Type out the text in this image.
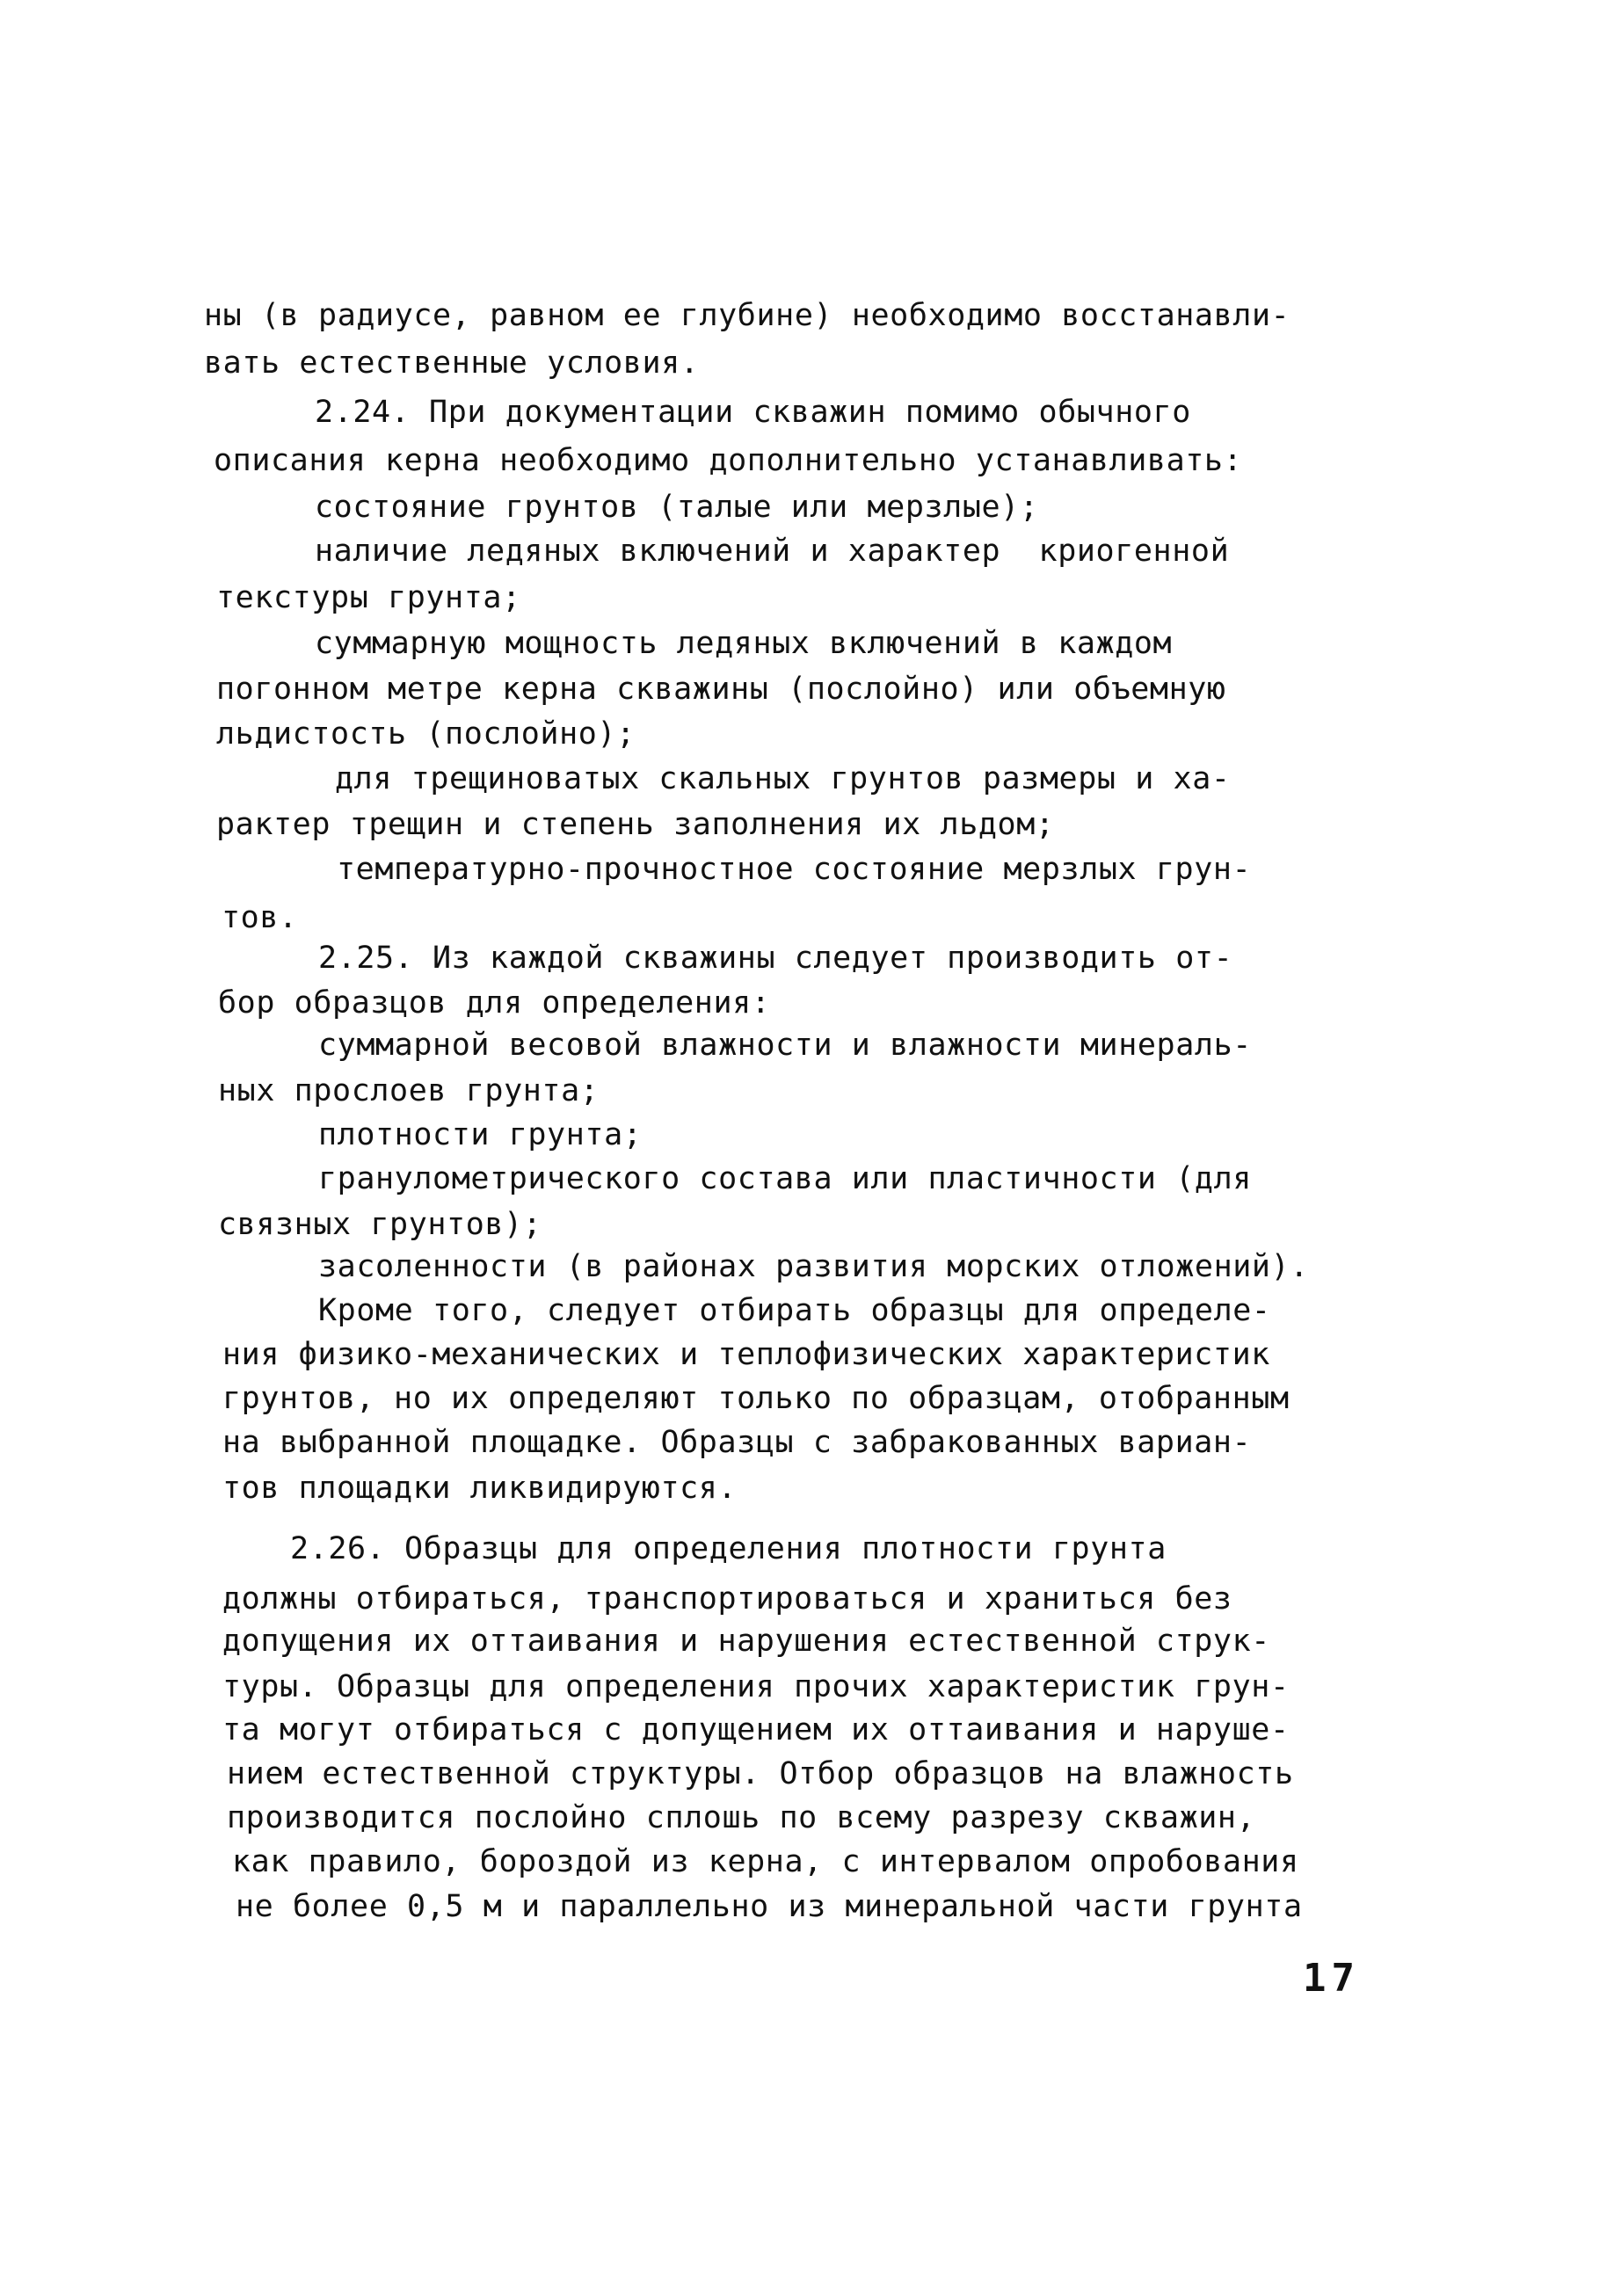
ны (в радиусе, равном ее глубине) необходимо восстанавли-
вать естественные условия.
2.24. При документации скважин помимо обычного
описания керна необходимо дополнительно устанавливать:
состояние грунтов (талые или мерзлые);
наличие ледяных включений и характер  криогенной
текстуры грунта;
суммарную мощность ледяных включений в каждом
погонном метре керна скважины (послойно) или объемную
льдистость (послойно);
для трещиноватых скальных грунтов размеры и ха-
рактер трещин и степень заполнения их льдом;
температурно-прочностное состояние мерзлых грун-
тов.
2.25. Из каждой скважины следует производить от-
бор образцов для определения:
суммарной весовой влажности и влажности минераль-
ных прослоев грунта;
плотности грунта;
гранулометрического состава или пластичности (для
связных грунтов);
засоленности (в районах развития морских отложений).
Кроме того, следует отбирать образцы для определе-
ния физико-механических и теплофизических характеристик
грунтов, но их определяют только по образцам, отобранным
на выбранной площадке. Образцы с забракованных вариан-
тов площадки ликвидируются.
2.26. Образцы для определения плотности грунта
должны отбираться, транспортироваться и храниться без
допущения их оттаивания и нарушения естественной струк-
туры. Образцы для определения прочих характеристик грун-
та могут отбираться с допущением их оттаивания и наруше-
нием естественной структуры. Отбор образцов на влажность
производится послойно сплошь по всему разрезу скважин,
как правило, бороздой из керна, с интервалом опробования
не более 0,5 м и параллельно из минеральной части грунта
17
